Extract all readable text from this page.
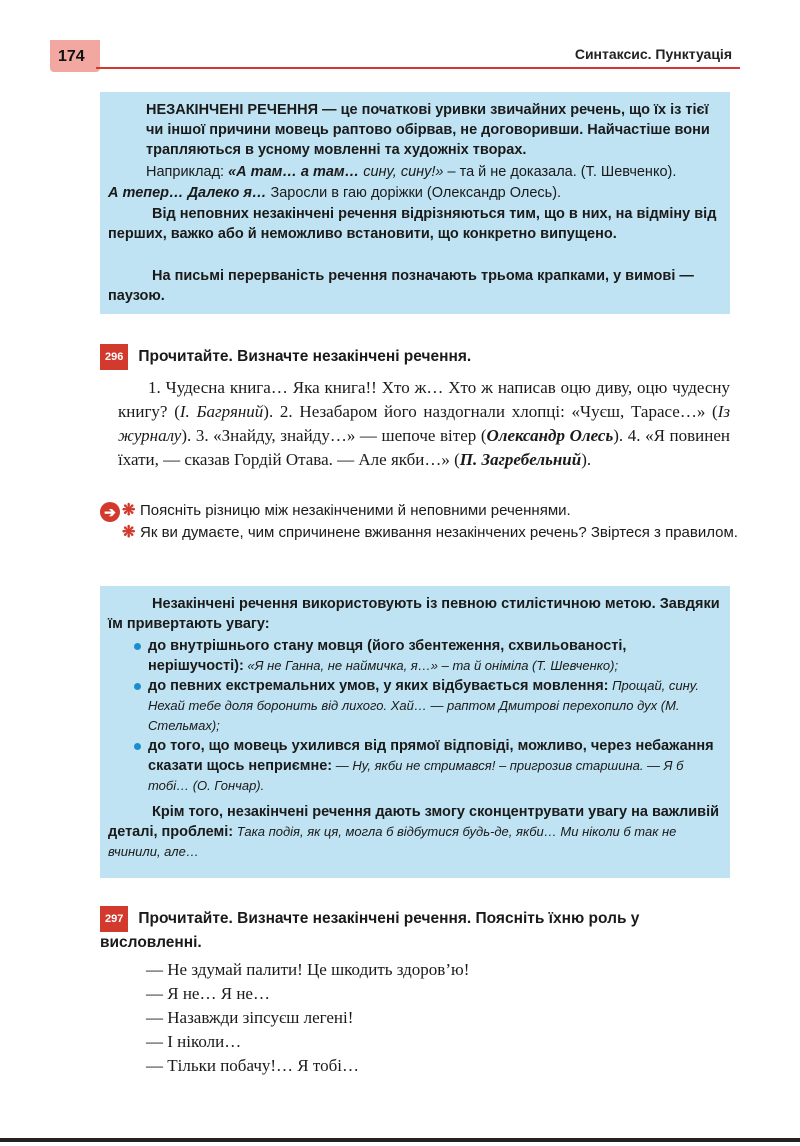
174	Синтаксис. Пунктуація

НЕЗАКІНЧЕНІ РЕЧЕННЯ — це початкові уривки звичайних речень, що їх із тієї чи іншої причини мовець раптово обірвав, не договоривши. Найчастіше вони трапляються в усному мовленні та художніх творах.

Наприклад: «А там… а там… сину, сину!» – та й не доказала. (Т. Шевченко).

А тепер… Далеко я… Заросли в гаю доріжки (Олександр Олесь).

Від неповних незакінчені речення відрізняються тим, що в них, на відміну від перших, важко або й неможливо встановити, що конкретно випущено.

На письмі перерваність речення позначають трьома крапками, у вимові — паузою.

296 Прочитайте. Визначте незакінчені речення.
1. Чудесна книга… Яка книга!! Хто ж… Хто ж написав оцю диву, оцю чудесну книгу? (І. Багряний). 2. Незабаром його наздогнали хлопці: «Чуєш, Тарасе…» (Із журналу). 3. «Знайду, знайду…» — шепоче вітер (Олександр Олесь). 4. «Я повинен їхати, — сказав Гордій Отава. — Але якби…» (П. Загребельний).
➔ ❋ Поясніть різницю між незакінченими й неповними реченнями.
❋ Як ви думаєте, чим спричинене вживання незакінчених речень? Звіртеся з правилом.

Незакінчені речення використовують із певною стилістичною метою. Завдяки їм привертають увагу:

до внутрішнього стану мовця (його збентеження, схвильованості, нерішучості): «Я не Ганна, не наймичка, я…» – та й оніміла (Т. Шевченко);
до певних екстремальних умов, у яких відбувається мовлення: Прощай, сину. Нехай тебе доля боронить від лихого. Хай… — раптом Дмитрові перехопило дух (М. Стельмах);
до того, що мовець ухилився від прямої відповіді, можливо, через небажання сказати щось неприємне: — Ну, якби не стримався! – пригрозив старшина. — Я б тобі… (О. Гончар).

Крім того, незакінчені речення дають змогу сконцентрувати увагу на важливій деталі, проблемі: Така подія, як ця, могла б відбутися будь-де, якби… Ми ніколи б так не вчинили, але…

297 Прочитайте. Визначте незакінчені речення. Поясніть їхню роль у висловленні.
— Не здумай палити! Це шкодить здоров’ю!
— Я не… Я не…
— Назавжди зіпсуєш легені!
— І ніколи…
— Тільки побачу!… Я тобі…
